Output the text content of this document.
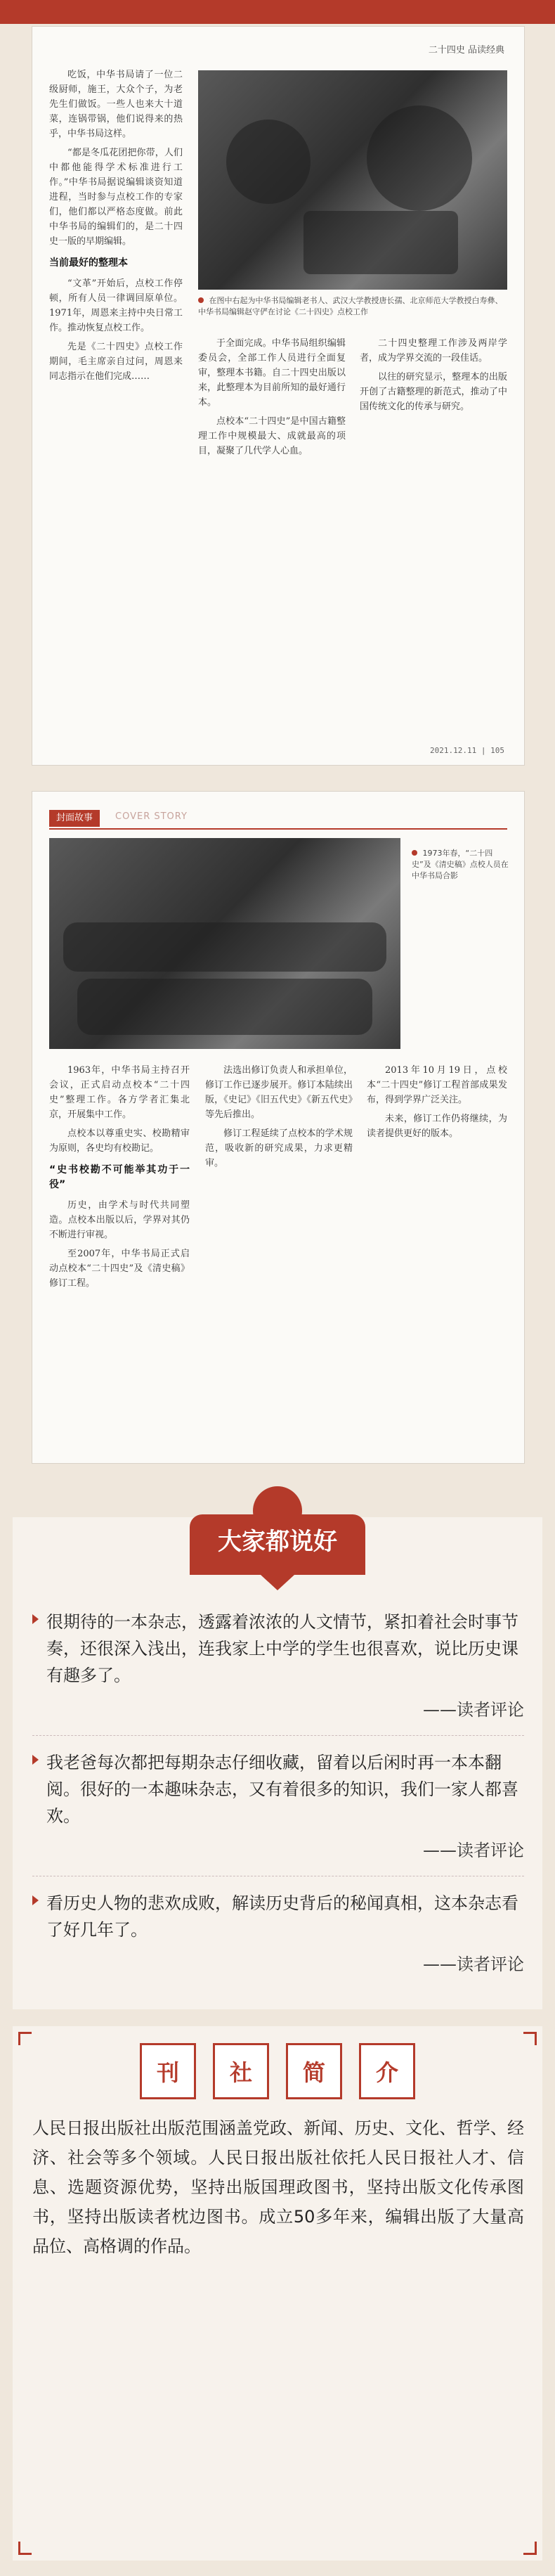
二十四史 品读经典

吃饭，中华书局请了一位二级厨师，施王，大众个子，为老先生们做饭。一些人也来大十道菜，连锅带锅，他们说得来的热乎，中华书局这样。

“都是冬瓜花团把你带，人们中都他能得学术标准进行工作。”中华书局据说编辑谈资知道进程，当时参与点校工作的专家们，他们都以严格态度做。前此中华书局的编辑们的，是二十四史一版的早期编辑。

当前最好的整理本

“文革”开始后，点校工作停顿，所有人员一律调回原单位。1971年，周恩来主持中央日常工作。推动恢复点校工作。

先是《二十四史》点校工作期间，毛主席亲自过问，周恩来同志指示在他们完成……

在图中右起为中华书局编辑老书人、武汉大学教授唐长孺、北京师范大学教授白寿彝、中华书局编辑赵守俨在讨论《二十四史》点校工作

于全面完成。中华书局组织编辑委员会，全部工作人员进行全面复审，整理本书籍。自二十四史出版以来，此整理本为目前所知的最好通行本。

点校本“二十四史”是中国古籍整理工作中规模最大、成就最高的项目，凝聚了几代学人心血。

二十四史整理工作涉及两岸学者，成为学界交流的一段佳话。

以往的研究显示，整理本的出版开创了古籍整理的新范式，推动了中国传统文化的传承与研究。

2021.12.11 | 105
封面故事	COVER STORY
1973年春，“二十四史”及《清史稿》点校人员在中华书局合影

1963年，中华书局主持召开会议，正式启动点校本“二十四史”整理工作。各方学者汇集北京，开展集中工作。

点校本以尊重史实、校勘精审为原则，各史均有校勘记。

“史书校勘不可能举其功于一役”

历史，由学术与时代共同塑造。点校本出版以后，学界对其仍不断进行审视。

至2007年，中华书局正式启动点校本“二十四史”及《清史稿》修订工程。

法选出修订负责人和承担单位，修订工作已逐步展开。修订本陆续出版，《史记》《旧五代史》《新五代史》等先后推出。

修订工程延续了点校本的学术规范，吸收新的研究成果，力求更精审。

2013年10月19日，点校本“二十四史”修订工程首部成果发布，得到学界广泛关注。

未来，修订工作仍将继续，为读者提供更好的版本。

大家都说好
很期待的一本杂志，透露着浓浓的人文情节，紧扣着社会时事节奏，还很深入浅出，连我家上中学的学生也很喜欢，说比历史课有趣多了。
——读者评论
我老爸每次都把每期杂志仔细收藏，留着以后闲时再一本本翻阅。很好的一本趣味杂志，又有着很多的知识，我们一家人都喜欢。
——读者评论
看历史人物的悲欢成败，解读历史背后的秘闻真相，这本杂志看了好几年了。
——读者评论
刊	社	简	介
人民日报出版社出版范围涵盖党政、新闻、历史、文化、哲学、经济、社会等多个领域。人民日报出版社依托人民日报社人才、信息、选题资源优势，坚持出版国理政图书，坚持出版文化传承图书，坚持出版读者枕边图书。成立50多年来，编辑出版了大量高品位、高格调的作品。
